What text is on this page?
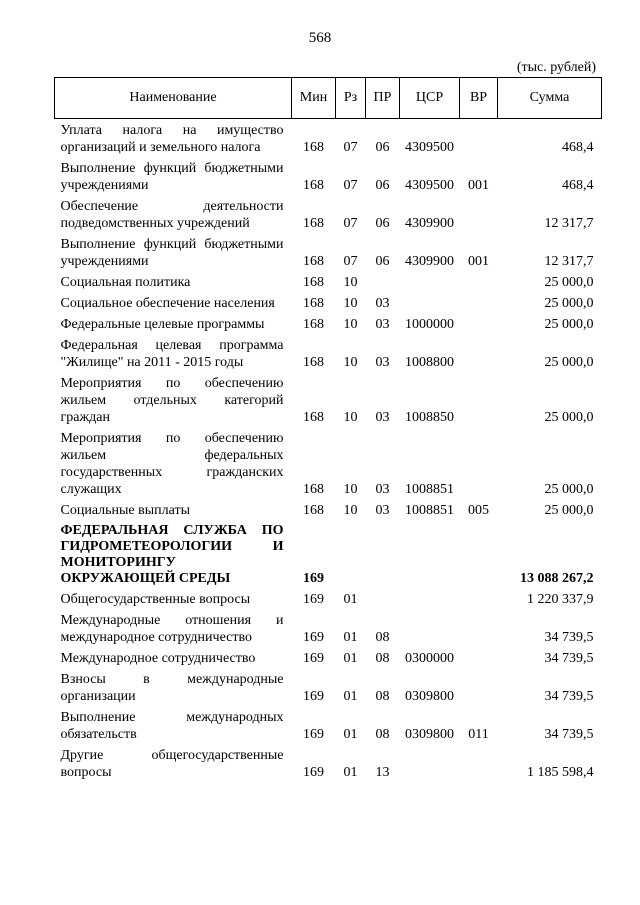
568
(тыс. рублей)
Наименование	Мин	Рз	ПР	ЦСР	ВР	Сумма
Уплата налога на имущество организаций и земельного налога	168	07	06	4309500		468,4
Выполнение функций бюджетными учреждениями	168	07	06	4309500	001	468,4
Обеспечение деятельности подведомственных учреждений	168	07	06	4309900		12 317,7
Выполнение функций бюджетными учреждениями	168	07	06	4309900	001	12 317,7
Социальная политика	168	10				25 000,0
Социальное обеспечение населения	168	10	03			25 000,0
Федеральные целевые программы	168	10	03	1000000		25 000,0
Федеральная целевая программа "Жилище" на 2011 - 2015 годы	168	10	03	1008800		25 000,0
Мероприятия по обеспечению жильем отдельных категорий граждан	168	10	03	1008850		25 000,0
Мероприятия по обеспечению жильем федеральных государственных гражданских служащих	168	10	03	1008851		25 000,0
Социальные выплаты	168	10	03	1008851	005	25 000,0
ФЕДЕРАЛЬНАЯ СЛУЖБА ПО ГИДРОМЕТЕОРОЛОГИИ И МОНИТОРИНГУ ОКРУЖАЮЩЕЙ СРЕДЫ	169					13 088 267,2
Общегосударственные вопросы	169	01				1 220 337,9
Международные отношения и международное сотрудничество	169	01	08			34 739,5
Международное сотрудничество	169	01	08	0300000		34 739,5
Взносы в международные организации	169	01	08	0309800		34 739,5
Выполнение международных обязательств	169	01	08	0309800	011	34 739,5
Другие общегосударственные вопросы	169	01	13			1 185 598,4
